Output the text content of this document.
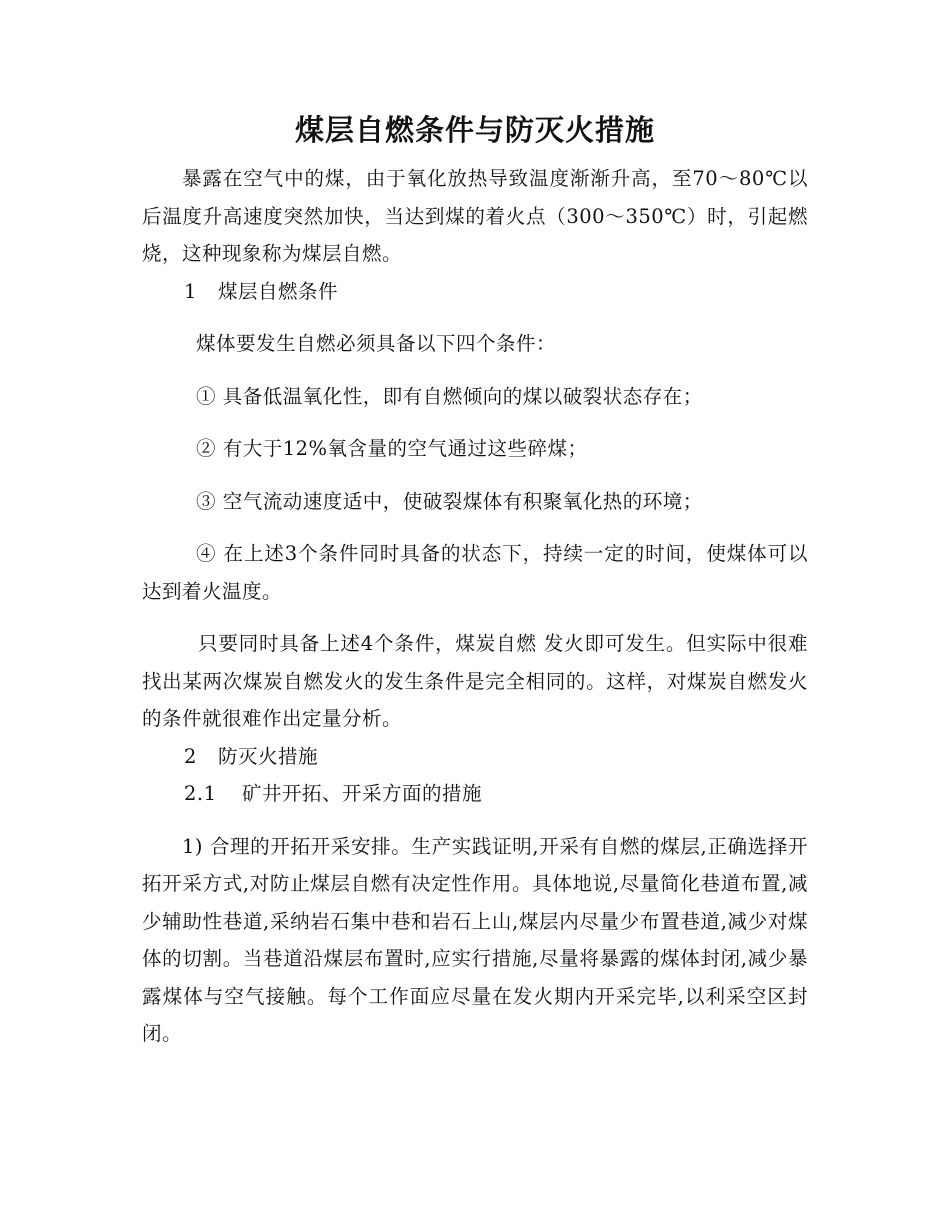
煤层自燃条件与防灭火措施

暴露在空气中的煤，由于氧化放热导致温度渐渐升高，至70～80℃以后温度升高速度突然加快，当达到煤的着火点（300～350℃）时，引起燃烧，这种现象称为煤层自燃。

1 煤层自燃条件

煤体要发生自燃必须具备以下四个条件：

① 具备低温氧化性，即有自燃倾向的煤以破裂状态存在；

② 有大于12%氧含量的空气通过这些碎煤；

③ 空气流动速度适中，使破裂煤体有积聚氧化热的环境；

④ 在上述3个条件同时具备的状态下，持续一定的时间，使煤体可以达到着火温度。

只要同时具备上述4个条件，煤炭自燃 发火即可发生。但实际中很难找出某两次煤炭自燃发火的发生条件是完全相同的。这样，对煤炭自燃发火的条件就很难作出定量分析。

2 防灭火措施
2.1 矿井开拓、开采方面的措施

1) 合理的开拓开采安排。生产实践证明,开采有自燃的煤层,正确选择开拓开采方式,对防止煤层自燃有决定性作用。具体地说,尽量简化巷道布置,减少辅助性巷道,采纳岩石集中巷和岩石上山,煤层内尽量少布置巷道,减少对煤体的切割。当巷道沿煤层布置时,应实行措施,尽量将暴露的煤体封闭,减少暴露煤体与空气接触。每个工作面应尽量在发火期内开采完毕,以利采空区封闭。
